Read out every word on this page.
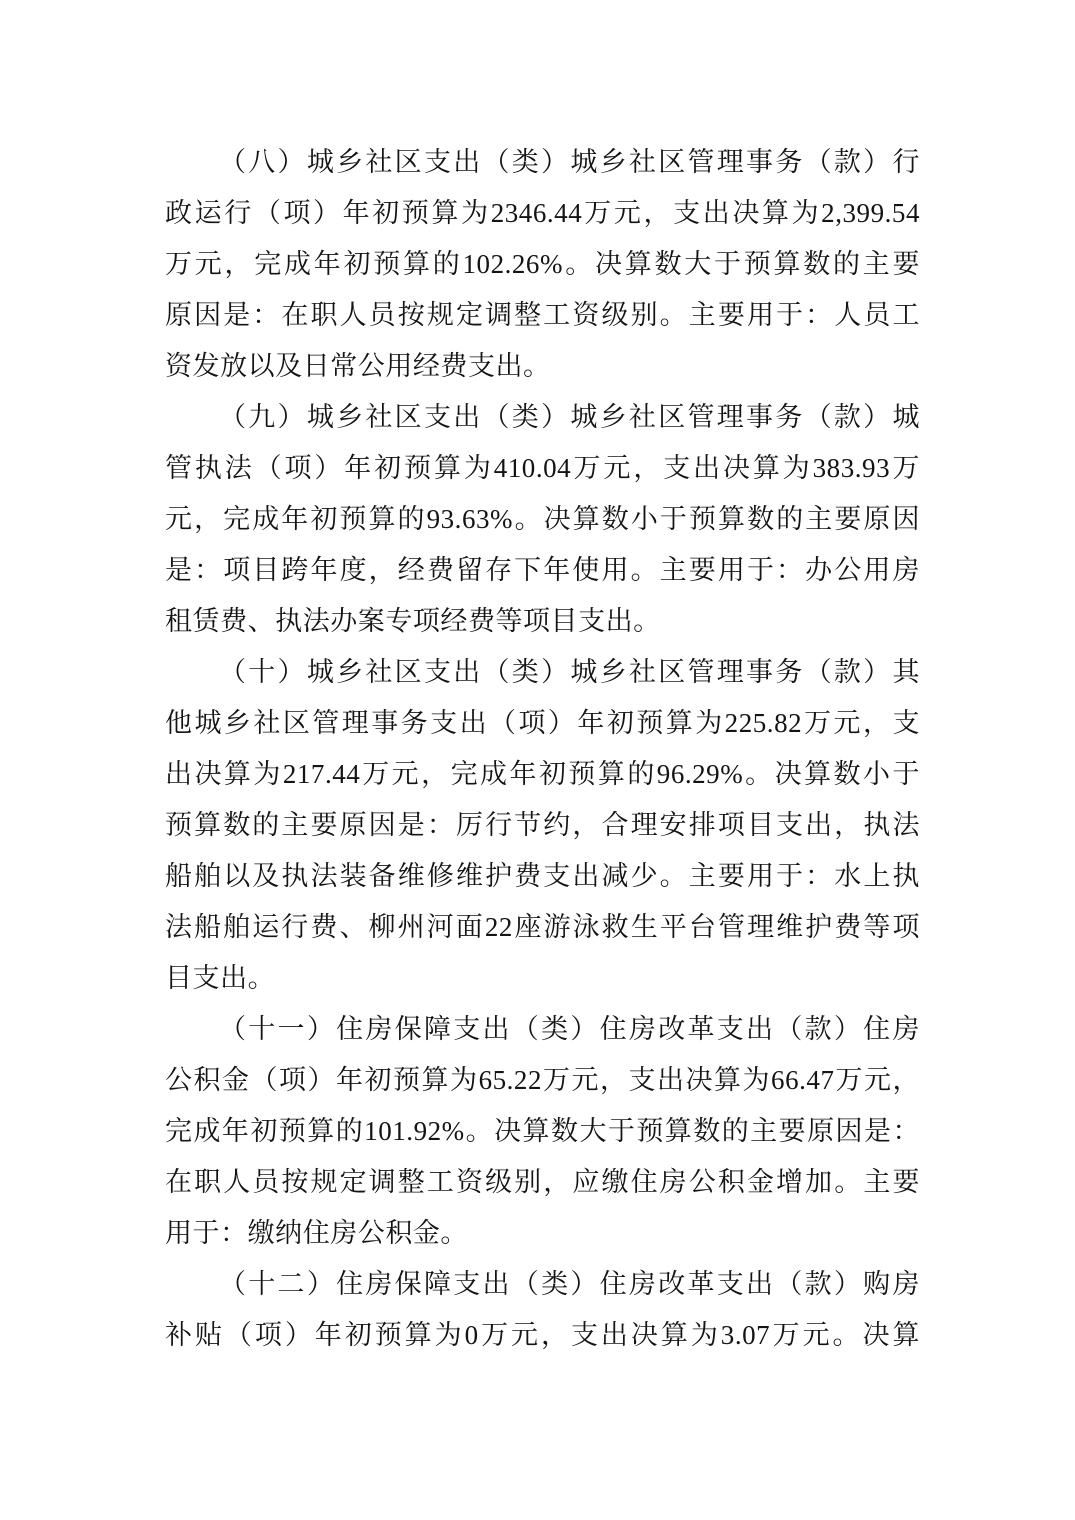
（八）城乡社区支出（类）城乡社区管理事务（款）行
政运行（项）年初预算为2346.44万元，支出决算为2,399.54
万元，完成年初预算的102.26%。决算数大于预算数的主要
原因是：在职人员按规定调整工资级别。主要用于：人员工
资发放以及日常公用经费支出。
（九）城乡社区支出（类）城乡社区管理事务（款）城
管执法（项）年初预算为410.04万元，支出决算为383.93万
元，完成年初预算的93.63%。决算数小于预算数的主要原因
是：项目跨年度，经费留存下年使用。主要用于：办公用房
租赁费、执法办案专项经费等项目支出。
（十）城乡社区支出（类）城乡社区管理事务（款）其
他城乡社区管理事务支出（项）年初预算为225.82万元，支
出决算为217.44万元，完成年初预算的96.29%。决算数小于
预算数的主要原因是：厉行节约，合理安排项目支出，执法
船舶以及执法装备维修维护费支出减少。主要用于：水上执
法船舶运行费、柳州河面22座游泳救生平台管理维护费等项
目支出。
（十一）住房保障支出（类）住房改革支出（款）住房
公积金（项）年初预算为65.22万元，支出决算为66.47万元，
完成年初预算的101.92%。决算数大于预算数的主要原因是：
在职人员按规定调整工资级别，应缴住房公积金增加。主要
用于：缴纳住房公积金。
（十二）住房保障支出（类）住房改革支出（款）购房
补贴（项）年初预算为0万元，支出决算为3.07万元。决算
